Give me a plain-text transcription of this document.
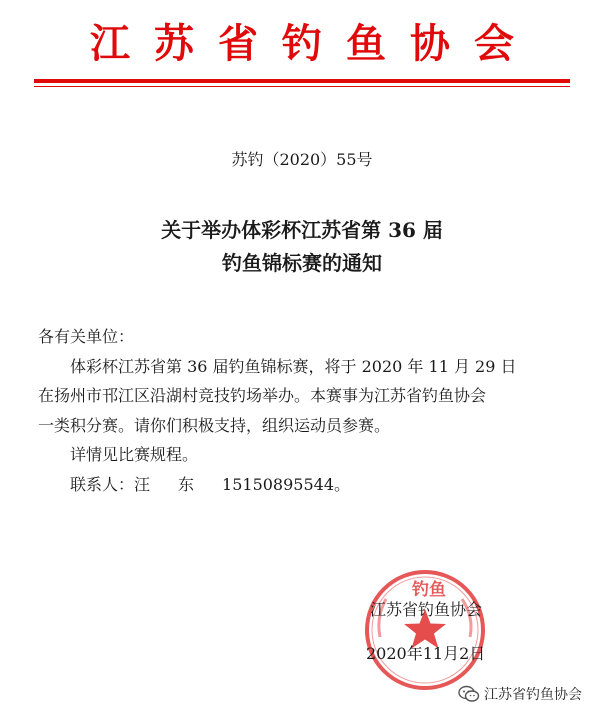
江苏省钓鱼协会
苏钓（2020）55号
关于举办体彩杯江苏省第 36 届
钓鱼锦标赛的通知

各有关单位：

体彩杯江苏省第 36 届钓鱼锦标赛，将于 2020 年 11 月 29 日

在扬州市邗江区沿湖村竞技钓场举办。本赛事为江苏省钓鱼协会

一类积分赛。请你们积极支持，组织运动员参赛。

详情见比赛规程。

联系人：汪 东 15150895544。

钓鱼
江苏省钓鱼协会
2020年11月2日
江苏省钓鱼协会
